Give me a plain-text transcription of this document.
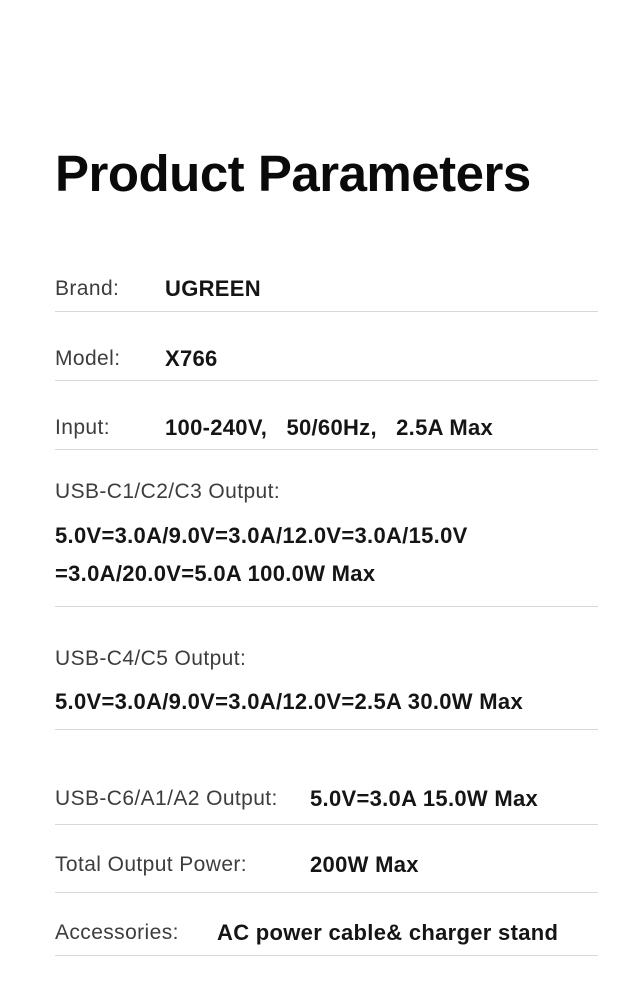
Product Parameters
Brand:	UGREEN
Model:	X766
Input:	100-240V,   50/60Hz,   2.5A Max
USB-C1/C2/C3 Output:
5.0V=3.0A/9.0V=3.0A/12.0V=3.0A/15.0V
=3.0A/20.0V=5.0A 100.0W Max
USB-C4/C5 Output:
5.0V=3.0A/9.0V=3.0A/12.0V=2.5A 30.0W Max
USB-C6/A1/A2 Output:	5.0V=3.0A 15.0W Max
Total Output Power:	200W Max
Accessories:	AC power cable& charger stand
